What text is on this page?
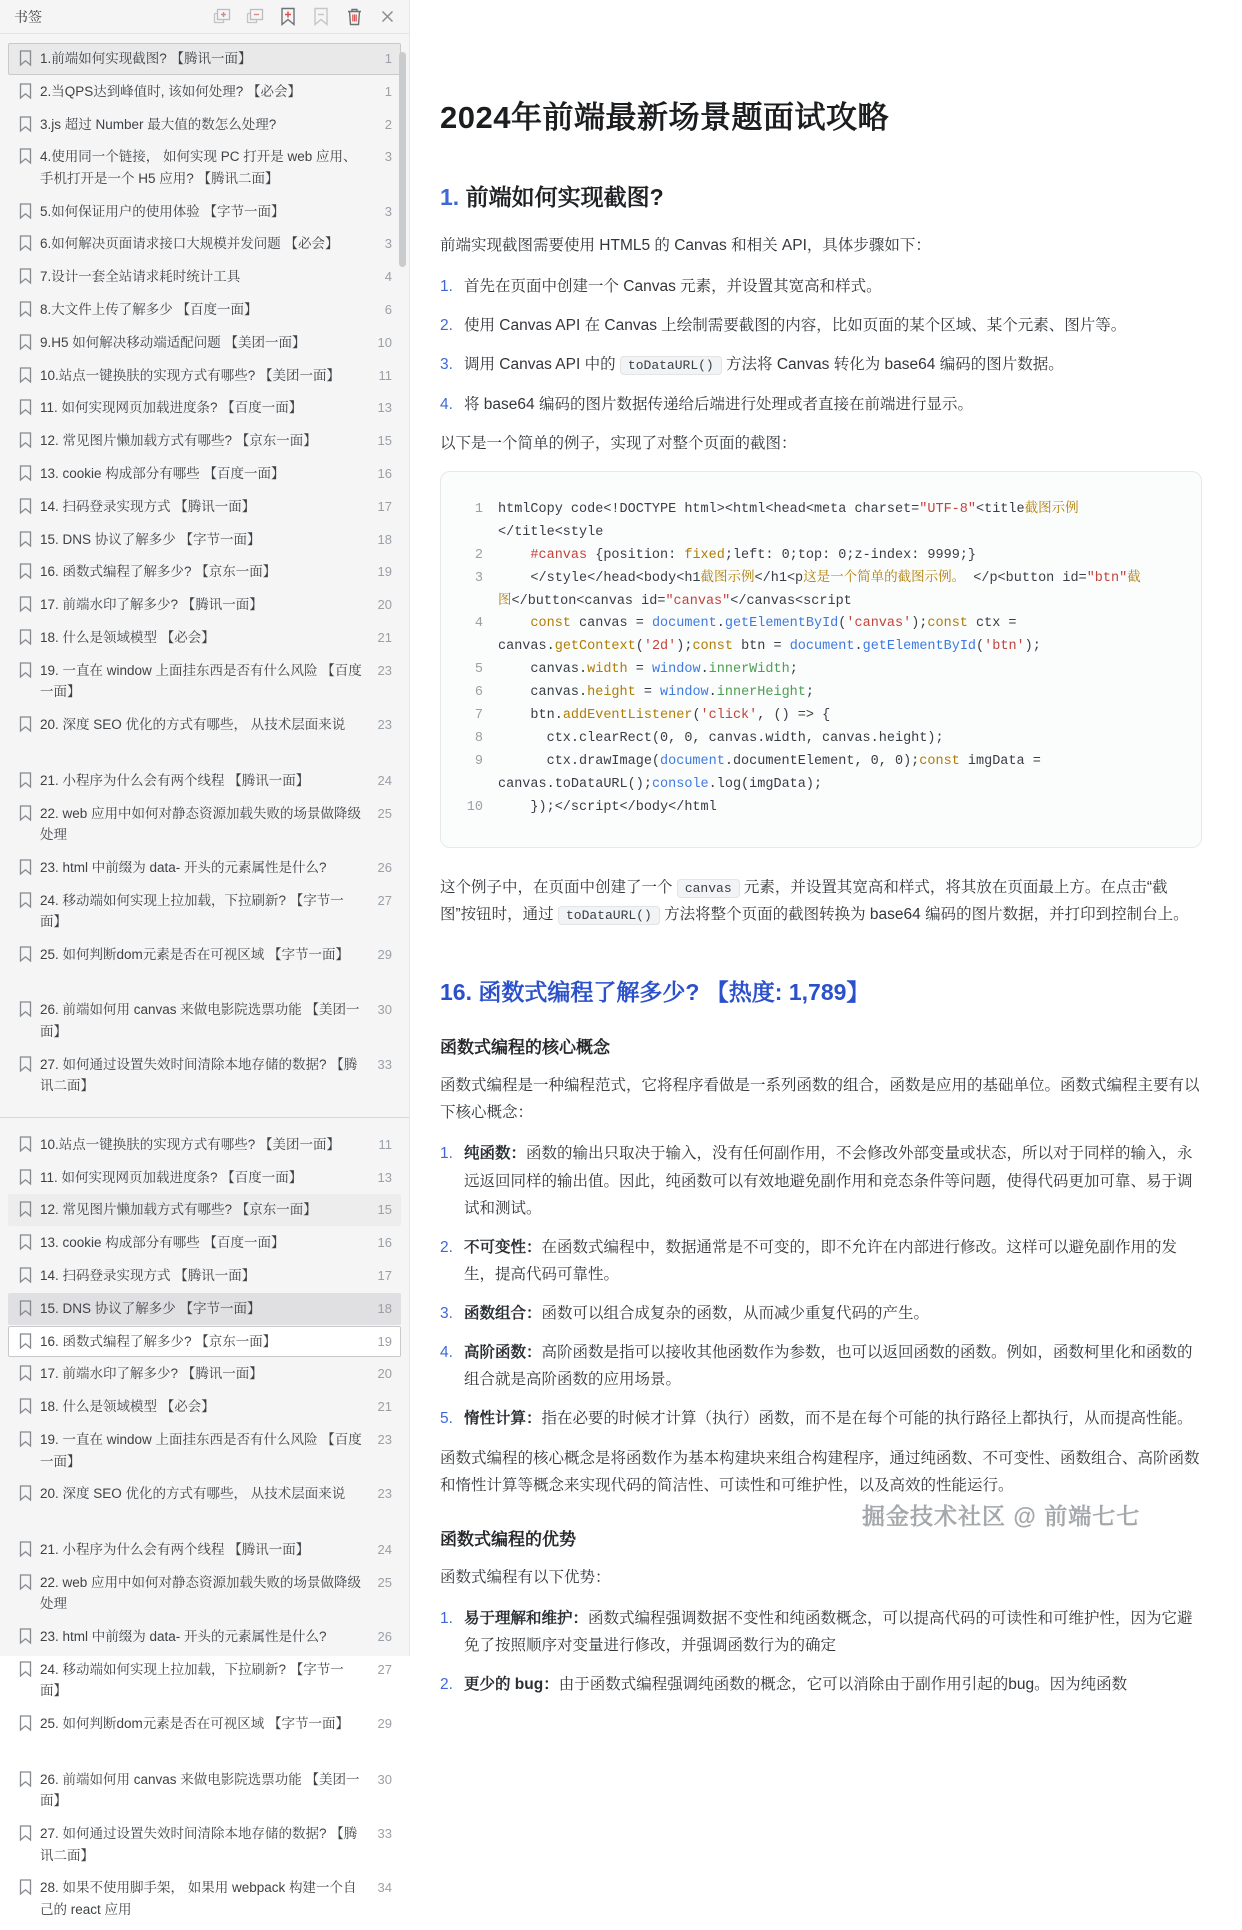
书签
1.前端如何实现截图? 【腾讯一面】	1
2.当QPS达到峰值时, 该如何处理? 【必会】	1
3.js 超过 Number 最大值的数怎么处理?	2
4.使用同一个链接， 如何实现 PC 打开是 web 应用、 手机打开是一个 H5 应用? 【腾讯二面】
3
5.如何保证用户的使用体验 【字节一面】	3
6.如何解决页面请求接口大规模并发问题 【必会】	3
7.设计一套全站请求耗时统计工具	4
8.大文件上传了解多少 【百度一面】	6
9.H5 如何解决移动端适配问题 【美团一面】	10
10.站点一键换肤的实现方式有哪些? 【美团一面】	11
11. 如何实现网页加载进度条? 【百度一面】	13
12. 常见图片懒加载方式有哪些? 【京东一面】	15
13. cookie 构成部分有哪些 【百度一面】	16
14. 扫码登录实现方式 【腾讯一面】	17
15. DNS 协议了解多少 【字节一面】	18
16. 函数式编程了解多少? 【京东一面】	19
17. 前端水印了解多少? 【腾讯一面】	20
18. 什么是领域模型 【必会】	21
19. 一直在 window 上面挂东西是否有什么风险 【百度一面】
23
20. 深度 SEO 优化的方式有哪些， 从技术层面来说	23
21. 小程序为什么会有两个线程 【腾讯一面】	24
22. web 应用中如何对静态资源加载失败的场景做降级处理
25
23. html 中前缀为 data- 开头的元素属性是什么?	26
24. 移动端如何实现上拉加载，下拉刷新? 【字节一面】
27
25. 如何判断dom元素是否在可视区域 【字节一面】	29
26. 前端如何用 canvas 来做电影院选票功能 【美团一面】
30
27. 如何通过设置失效时间清除本地存储的数据? 【腾讯二面】
33
10.站点一键换肤的实现方式有哪些? 【美团一面】	11
11. 如何实现网页加载进度条? 【百度一面】	13
12. 常见图片懒加载方式有哪些? 【京东一面】	15
13. cookie 构成部分有哪些 【百度一面】	16
14. 扫码登录实现方式 【腾讯一面】	17
15. DNS 协议了解多少 【字节一面】	18
16. 函数式编程了解多少? 【京东一面】	19
17. 前端水印了解多少? 【腾讯一面】	20
18. 什么是领域模型 【必会】	21
19. 一直在 window 上面挂东西是否有什么风险 【百度一面】
23
20. 深度 SEO 优化的方式有哪些， 从技术层面来说	23
21. 小程序为什么会有两个线程 【腾讯一面】	24
22. web 应用中如何对静态资源加载失败的场景做降级处理
25
23. html 中前缀为 data- 开头的元素属性是什么?	26
24. 移动端如何实现上拉加载，下拉刷新? 【字节一面】
27
25. 如何判断dom元素是否在可视区域 【字节一面】	29
26. 前端如何用 canvas 来做电影院选票功能 【美团一面】
30
27. 如何通过设置失效时间清除本地存储的数据? 【腾讯二面】
33
28. 如果不使用脚手架， 如果用 webpack 构建一个自己的 react 应用
34
2024年前端最新场景题面试攻略
1. 前端如何实现截图?

前端实现截图需要使用 HTML5 的 Canvas 和相关 API，具体步骤如下：

1. 首先在页面中创建一个 Canvas 元素，并设置其宽高和样式。
2. 使用 Canvas API 在 Canvas 上绘制需要截图的内容，比如页面的某个区域、某个元素、图片等。
3. 调用 Canvas API 中的 toDataURL() 方法将 Canvas 转化为 base64 编码的图片数据。
4. 将 base64 编码的图片数据传递给后端进行处理或者直接在前端进行显示。

以下是一个简单的例子，实现了对整个页面的截图：

1 htmlCopy code<!DOCTYPE html><html<head<meta charset="UTF-8"<title截图示例
</title<style
2	#canvas {position: fixed;left: 0;top: 0;z-index: 9999;}
3 </style</head<body<h1截图示例</h1<p这是一个简单的截图示例。 </p<button id="btn"截
图</button<canvas id="canvas"</canvas<script
4	const canvas = document.getElementById('canvas');const ctx =
canvas.getContext('2d');const btn = document.getElementById('btn');
5 canvas.width = window.innerWidth;
6 canvas.height = window.innerHeight;
7 btn.addEventListener('click', () => {
8 ctx.clearRect(0, 0, canvas.width, canvas.height);
9 ctx.drawImage(document.documentElement, 0, 0);const imgData =
canvas.toDataURL();console.log(imgData);
10 });</script</body</html

这个例子中，在页面中创建了一个 canvas 元素，并设置其宽高和样式，将其放在页面最上方。在点击“截图”按钮时，通过 toDataURL() 方法将整个页面的截图转换为 base64 编码的图片数据，并打印到控制台上。

16. 函数式编程了解多少? 【热度: 1,789】
函数式编程的核心概念

函数式编程是一种编程范式，它将程序看做是一系列函数的组合，函数是应用的基础单位。函数式编程主要有以下核心概念：

1. 纯函数：函数的输出只取决于输入，没有任何副作用，不会修改外部变量或状态，所以对于同样的输入，永远返回同样的输出值。因此，纯函数可以有效地避免副作用和竞态条件等问题，使得代码更加可靠、易于调试和测试。
2. 不可变性：在函数式编程中，数据通常是不可变的，即不允许在内部进行修改。这样可以避免副作用的发生，提高代码可靠性。
3. 函数组合：函数可以组合成复杂的函数，从而减少重复代码的产生。
4. 高阶函数：高阶函数是指可以接收其他函数作为参数，也可以返回函数的函数。例如，函数柯里化和函数的组合就是高阶函数的应用场景。
5. 惰性计算：指在必要的时候才计算（执行）函数，而不是在每个可能的执行路径上都执行，从而提高性能。

函数式编程的核心概念是将函数作为基本构建块来组合构建程序，通过纯函数、不可变性、函数组合、高阶函数和惰性计算等概念来实现代码的简洁性、可读性和可维护性，以及高效的性能运行。

函数式编程的优势

函数式编程有以下优势：

1. 易于理解和维护：函数式编程强调数据不变性和纯函数概念，可以提高代码的可读性和可维护性，因为它避免了按照顺序对变量进行修改，并强调函数行为的确定
2. 更少的 bug：由于函数式编程强调纯函数的概念，它可以消除由于副作用引起的bug。因为纯函数
掘金技术社区 @ 前端七七
